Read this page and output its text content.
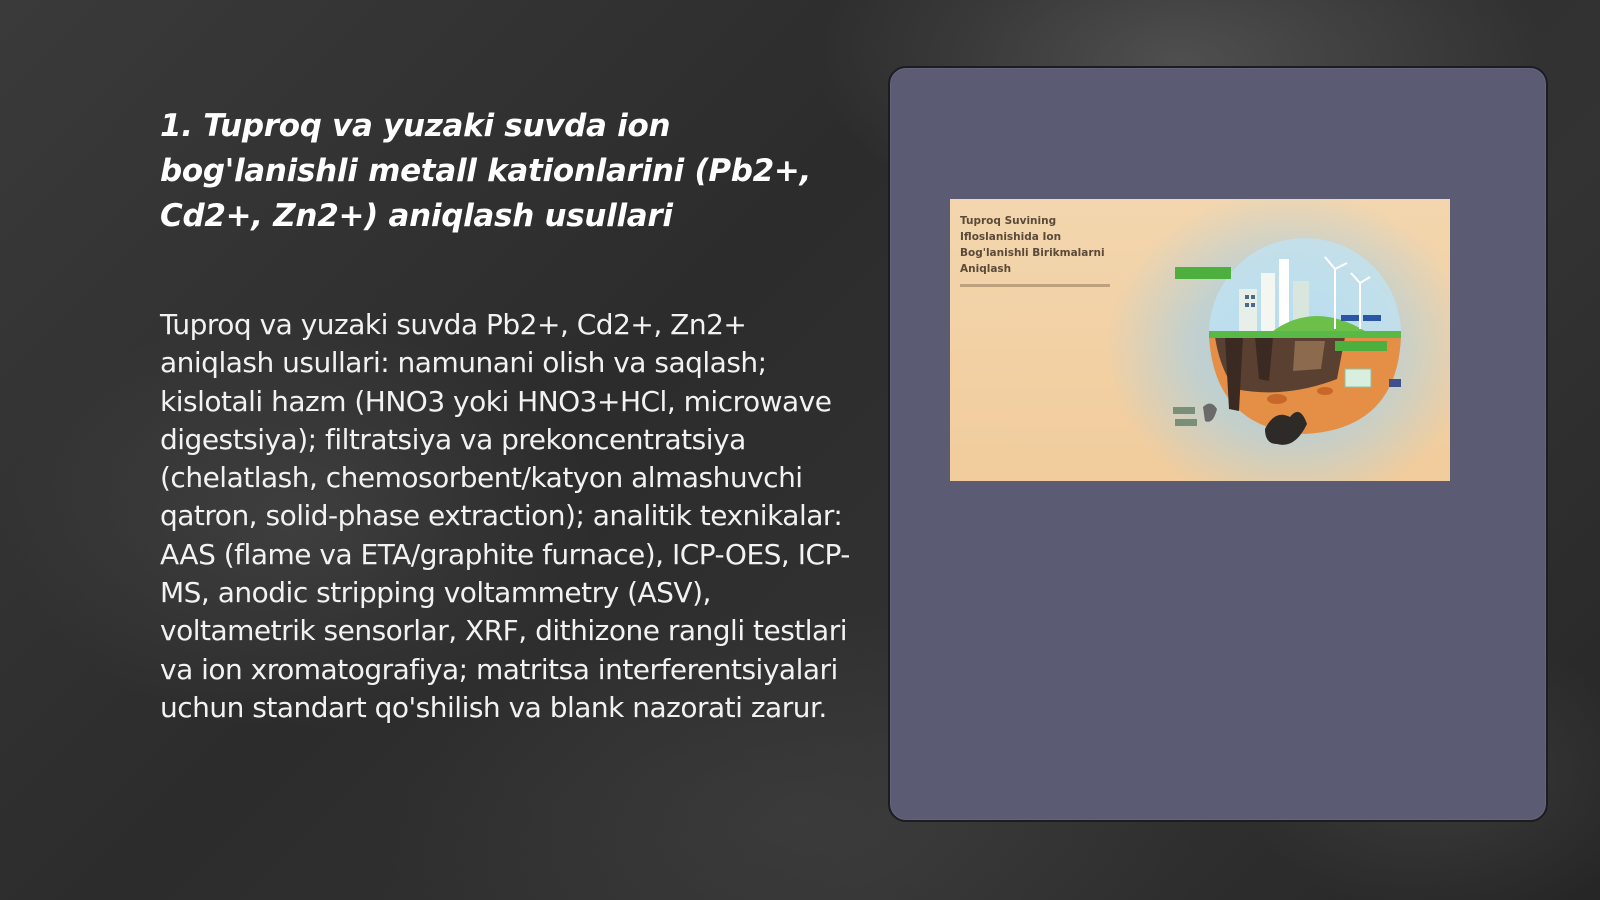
1. Tuproq va yuzaki suvda ion bog'lanishli metall kationlarini (Pb2+, Cd2+, Zn2+) aniqlash usullari

Tuproq va yuzaki suvda Pb2+, Cd2+, Zn2+ aniqlash usullari: namunani olish va saqlash; kislotali hazm (HNO3 yoki HNO3+HCl, microwave digestsiya); filtratsiya va prekoncentratsiya (chelatlash, chemosorbent/katyon almashuvchi qatron, solid-phase extraction); analitik texnikalar: AAS (flame va ETA/graphite furnace), ICP-OES, ICP-MS, anodic stripping voltammetry (ASV), voltametrik sensorlar, XRF, dithizone rangli testlari va ion xromatografiya; matritsa interferentsiyalari uchun standart qo'shilish va blank nazorati zarur.

Tuproq Suvining Ifloslanishida Ion Bog'lanishli Birikmalarni Aniqlash
